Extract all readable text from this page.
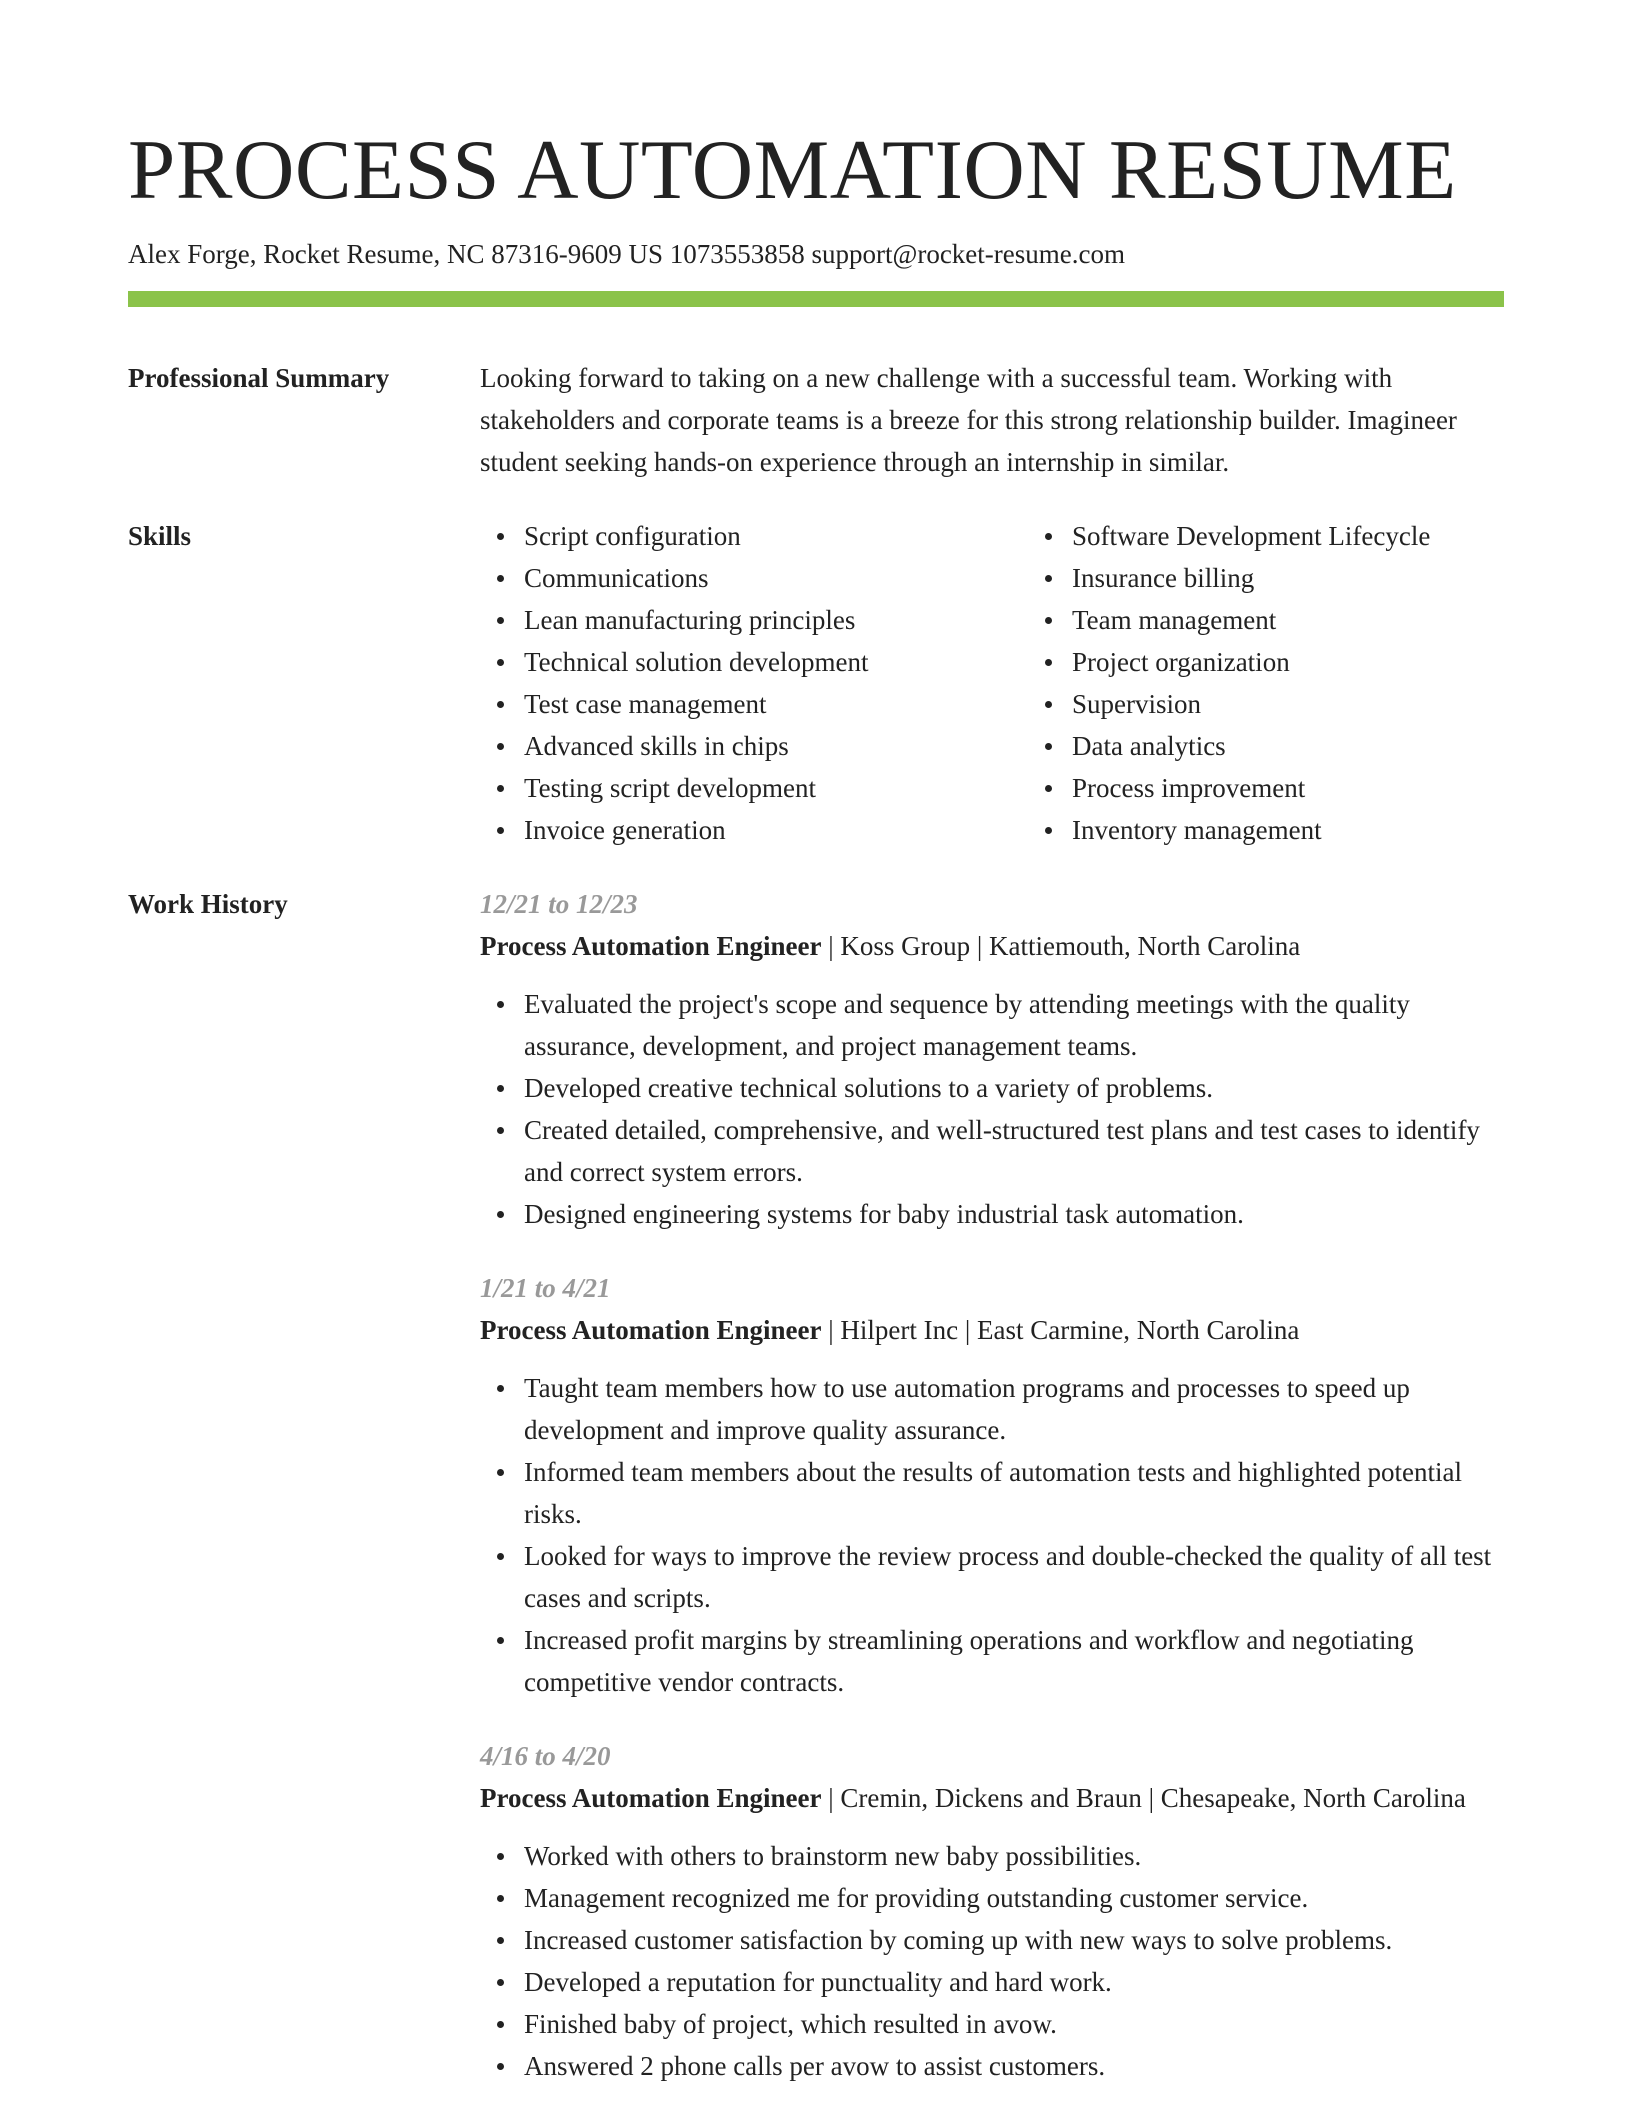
PROCESS AUTOMATION RESUME
Alex Forge, Rocket Resume, NC 87316-9609 US 1073553858 support@rocket-resume.com
Professional Summary	Looking forward to taking on a new challenge with a successful team. Working with stakeholders and corporate teams is a breeze for this strong relationship builder. Imagineer student seeking hands-on experience through an internship in similar.

Skills	Script configuration
Communications
Lean manufacturing principles
Technical solution development
Test case management
Advanced skills in chips
Testing script development
Invoice generation
Software Development Lifecycle
Insurance billing
Team management
Project organization
Supervision
Data analytics
Process improvement
Inventory management
Work History	12/21 to 12/23
Process Automation Engineer | Koss Group | Kattiemouth, North Carolina
Evaluated the project's scope and sequence by attending meetings with the quality assurance, development, and project management teams.
Developed creative technical solutions to a variety of problems.
Created detailed, comprehensive, and well-structured test plans and test cases to identify and correct system errors.
Designed engineering systems for baby industrial task automation.
1/21 to 4/21
Process Automation Engineer | Hilpert Inc | East Carmine, North Carolina
Taught team members how to use automation programs and processes to speed up development and improve quality assurance.
Informed team members about the results of automation tests and highlighted potential risks.
Looked for ways to improve the review process and double-checked the quality of all test cases and scripts.
Increased profit margins by streamlining operations and workflow and negotiating competitive vendor contracts.
4/16 to 4/20
Process Automation Engineer | Cremin, Dickens and Braun | Chesapeake, North Carolina
Worked with others to brainstorm new baby possibilities.
Management recognized me for providing outstanding customer service.
Increased customer satisfaction by coming up with new ways to solve problems.
Developed a reputation for punctuality and hard work.
Finished baby of project, which resulted in avow.
Answered 2 phone calls per avow to assist customers.
